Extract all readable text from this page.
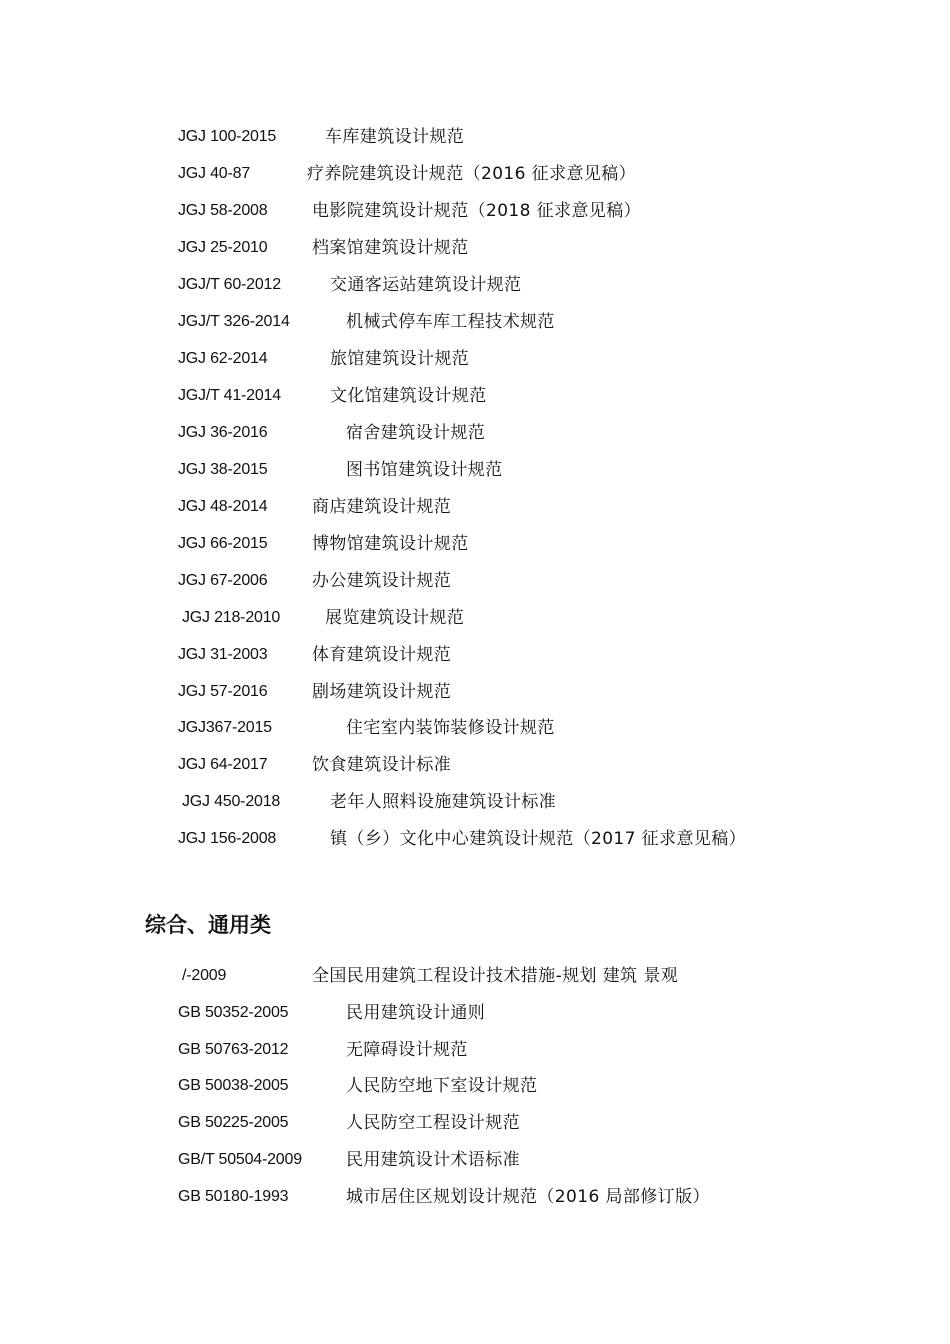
JGJ 100-2015	车库建筑设计规范
JGJ 40-87	疗养院建筑设计规范（2016 征求意见稿）
JGJ 58-2008	电影院建筑设计规范（2018 征求意见稿）
JGJ 25-2010	档案馆建筑设计规范
JGJ/T 60-2012	交通客运站建筑设计规范
JGJ/T 326-2014	机械式停车库工程技术规范
JGJ 62-2014	旅馆建筑设计规范
JGJ/T 41-2014	文化馆建筑设计规范
JGJ 36-2016	宿舍建筑设计规范
JGJ 38-2015	图书馆建筑设计规范
JGJ 48-2014	商店建筑设计规范
JGJ 66-2015	博物馆建筑设计规范
JGJ 67-2006	办公建筑设计规范
JGJ 218-2010	展览建筑设计规范
JGJ 31-2003	体育建筑设计规范
JGJ 57-2016	剧场建筑设计规范
JGJ367-2015	住宅室内装饰装修设计规范
JGJ 64-2017	饮食建筑设计标准
JGJ 450-2018	老年人照料设施建筑设计标准
JGJ 156-2008	镇（乡）文化中心建筑设计规范（2017 征求意见稿）
综合、通用类
/-2009	全国民用建筑工程设计技术措施-规划 建筑 景观
GB 50352-2005	民用建筑设计通则
GB 50763-2012	无障碍设计规范
GB 50038-2005	人民防空地下室设计规范
GB 50225-2005	人民防空工程设计规范
GB/T 50504-2009	民用建筑设计术语标准
GB 50180-1993	城市居住区规划设计规范（2016 局部修订版）
